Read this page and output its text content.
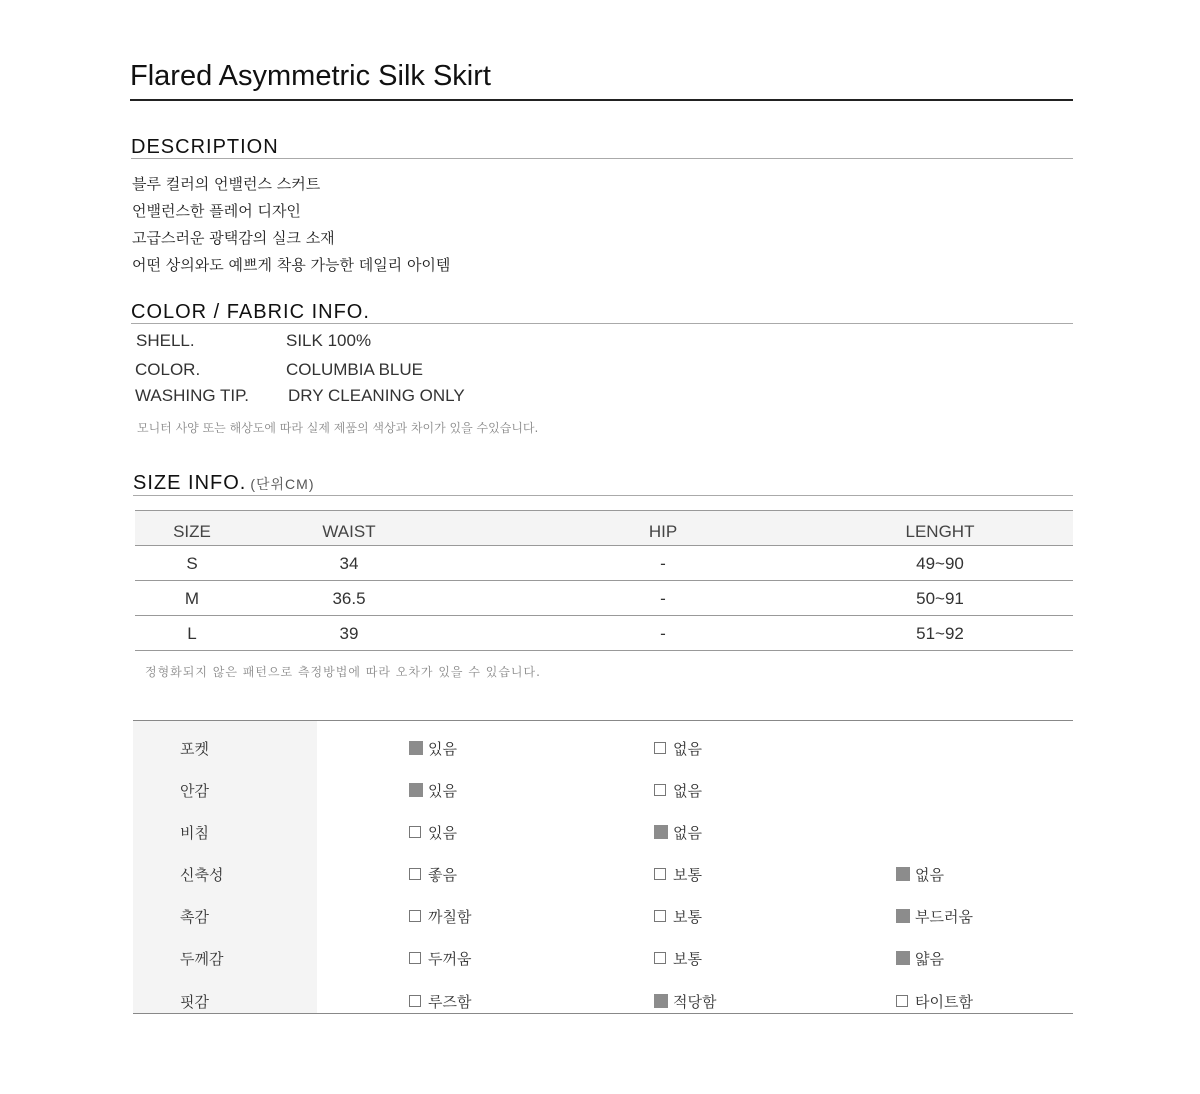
Flared Asymmetric Silk Skirt
DESCRIPTION
블루 컬러의 언밸런스 스커트
언밸런스한 플레어 디자인
고급스러운 광택감의 실크 소재
어떤 상의와도 예쁘게 착용 가능한 데일리 아이템
COLOR / FABRIC INFO.
SHELL.	SILK 100%
COLOR.	COLUMBIA BLUE
WASHING TIP. DRY CLEANING ONLY
모니터 사양 또는 해상도에 따라 실제 제품의 색상과 차이가 있을 수있습니다.
SIZE INFO. (단위CM)
SIZE	WAIST	HIP	LENGHT
S	34	-	49~90
M	36.5	-	50~91
L	39	-	51~92
정형화되지 않은 패턴으로 측정방법에 따라 오차가 있을 수 있습니다.
포켓	있음	없음
안감	있음	없음
비침	있음	없음
신축성	좋음	보통	없음
촉감	까칠함	보통	부드러움
두께감	두꺼움	보통	얇음
핏감	루즈함	적당함	타이트함
